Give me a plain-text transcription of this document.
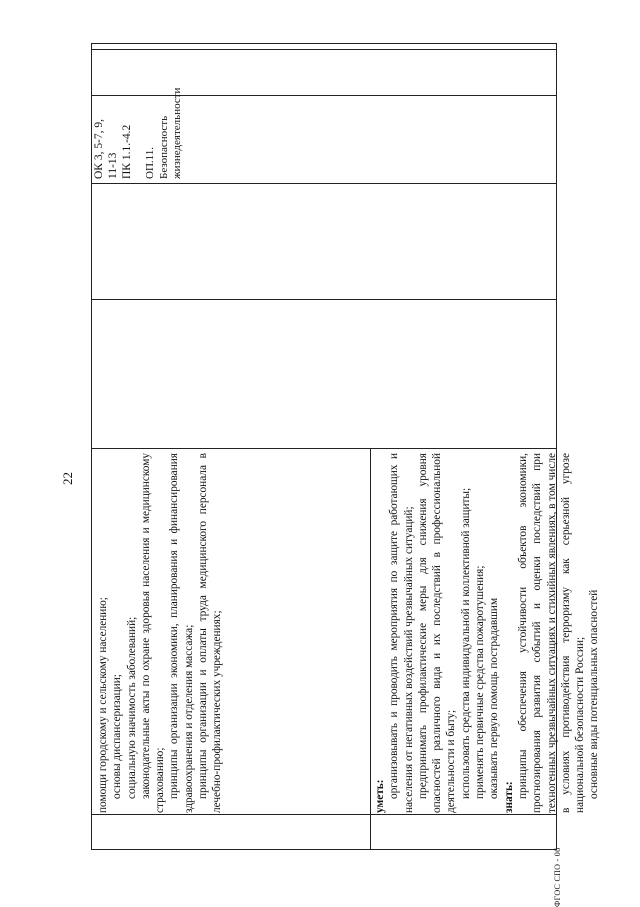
22
ФГОС СПО - 06

помощи городскому и сельскому населению; основы диспансеризации; социальную значимость заболеваний; законодательные акты по охране здоровья населения и медицинскому страхованию; принципы организации экономики, планирования и финансирования здравоохранения и отделения массажа; принципы организации и оплаты труда медицинского персонала в лечебно-профилактических учреждениях;	уметь: организовывать и проводить мероприятия по защите работающих и населения от негативных воздействий чрезвычайных ситуаций; предпринимать профилактические меры для снижения уровня опасностей различного вида и их последствий в профессиональной деятельности и быту; использовать средства индивидуальной и коллективной защиты; применять первичные средства пожаротушения; оказывать первую помощь пострадавшим знать: принципы обеспечения устойчивости объектов экономики, прогнозирования развития событий и оценки последствий при техногенных чрезвычайных ситуациях и стихийных явлениях, в том числе в условиях противодействия терроризму как серьезной угрозе национальной безопасности России; основные виды потенциальных опасностей

ОП.11. Безопасность жизнедеятельности
ОК 3, 5-7, 9,
11-13
ПК 1.1.-4.2
